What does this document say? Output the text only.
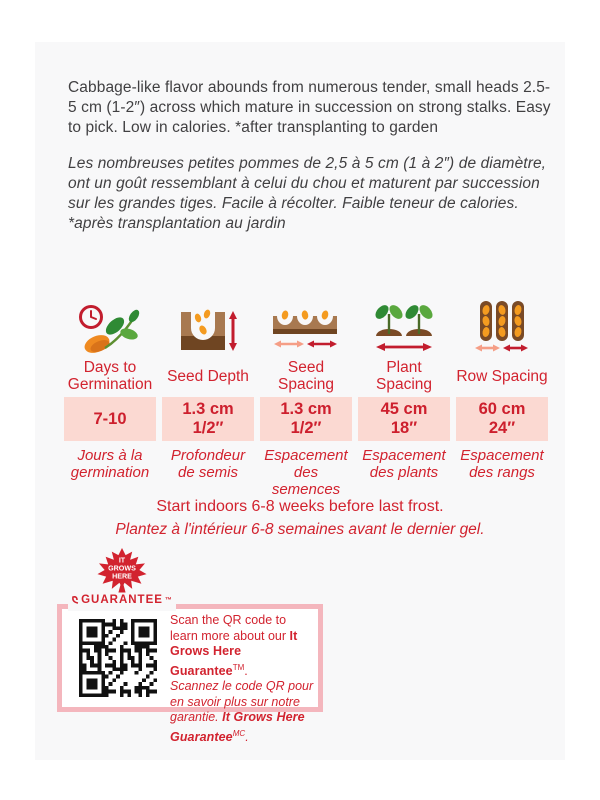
Cabbage-like flavor abounds from numerous tender, small heads 2.5-5 cm (1-2″) across which mature in succession on strong stalks. Easy to pick. Low in calories. *after transplanting to garden

Les nombreuses petites pommes de 2,5 à 5 cm (1 à 2″) de diamètre, ont un goût ressemblant à celui du chou et maturent par succession sur les grandes tiges. Facile à récolter. Faible teneur de calories. *après transplantation au jardin

Days to Germination
7-10
Jours à la germination
Seed Depth
1.3 cm
1/2″
Profondeur de semis
Seed Spacing
1.3 cm
1/2″
Espacement des semences
Plant Spacing
45 cm
18″
Espacement des plants
Row Spacing
60 cm
24″
Espacement des rangs

Start indoors 6-8 weeks before last frost.

Plantez à l'intérieur 6-8 semaines avant le dernier gel.

IT
GROWS
HERE
GUARANTEE ™
Scan the QR code to learn more about our It Grows Here Guarantee™.
Scannez le code QR pour en savoir plus sur notre garantie. It Grows Here Guarantee$^{MC}$.
